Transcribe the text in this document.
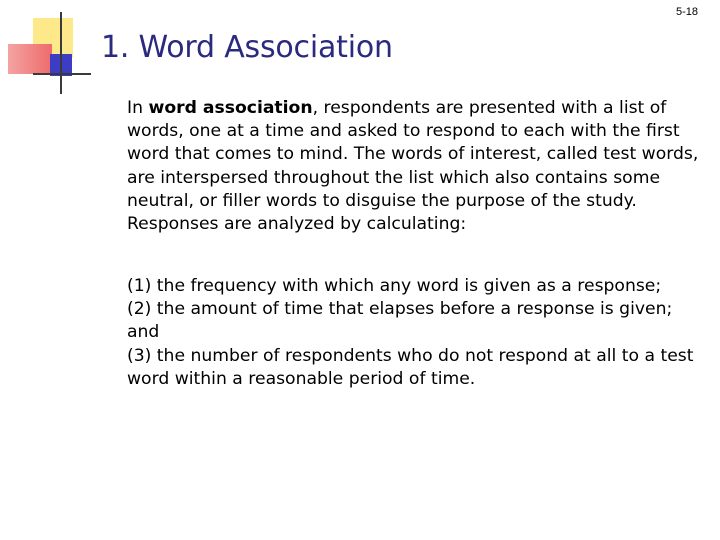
5-18
1. Word Association

In word association, respondents are presented with a list of words, one at a time and asked to respond to each with the first word that comes to mind. The words of interest, called test words, are interspersed throughout the list which also contains some neutral, or filler words to disguise the purpose of the study. Responses are analyzed by calculating:

(1) the frequency with which any word is given as a response;
(2) the amount of time that elapses before a response is given; and
(3) the number of respondents who do not respond at all to a test word within a reasonable period of time.
